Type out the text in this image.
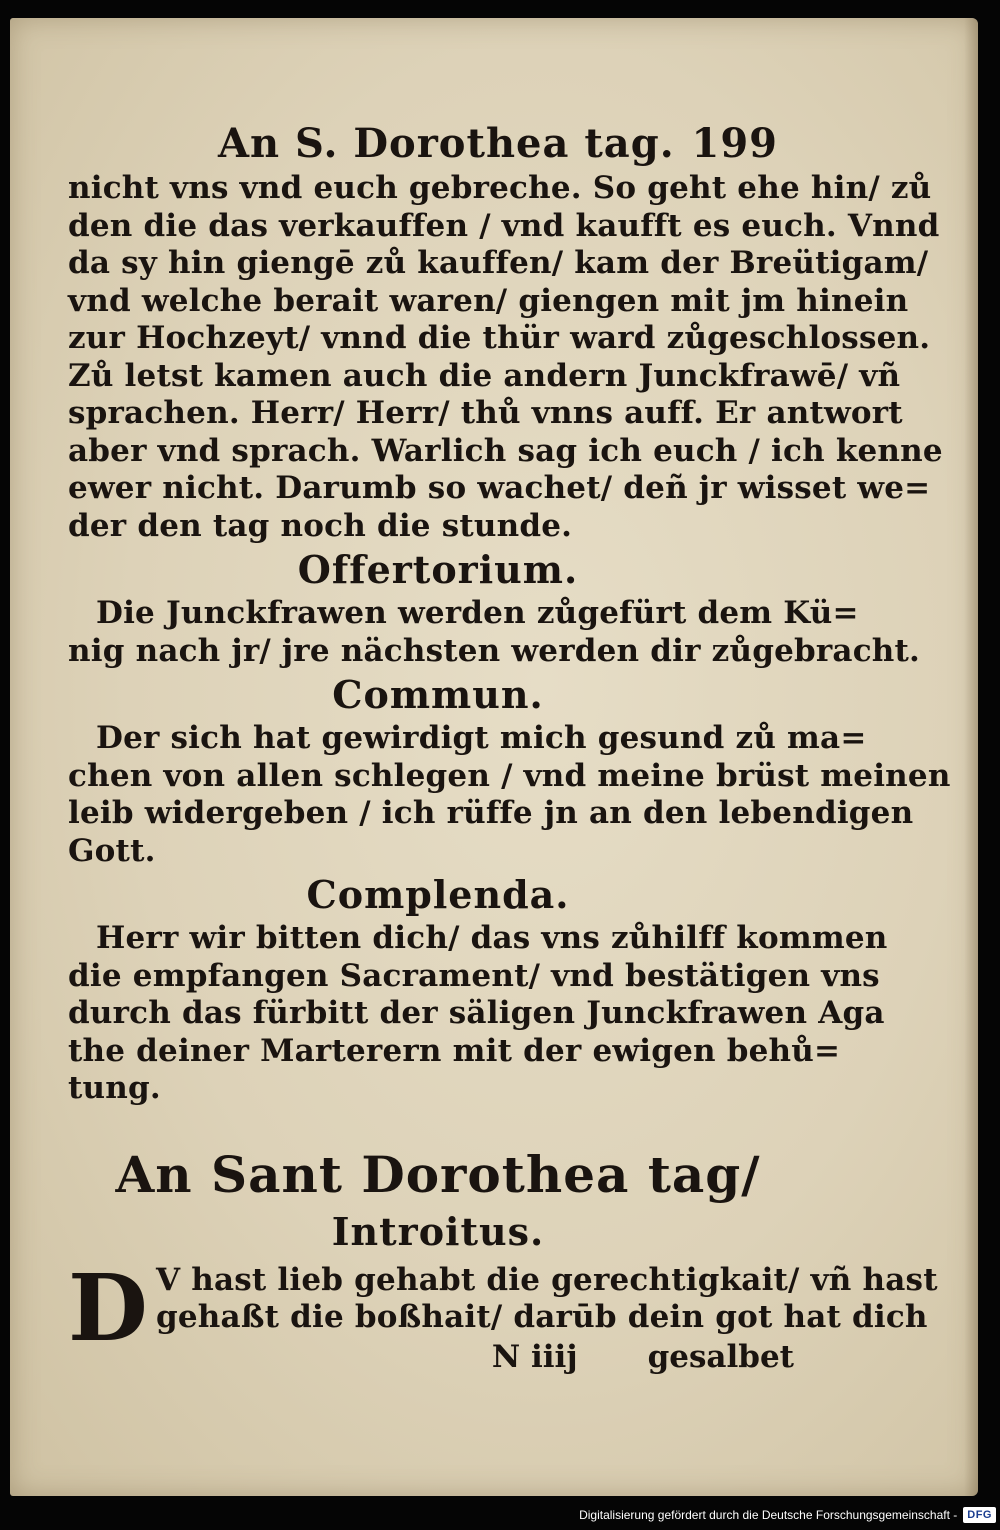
An S. Dorothea tag. 199
nicht vns vnd euch gebreche. So geht ehe hin/ zů
den die das verkauffen / vnd kaufft es euch. Vnnd
da sy hin giengē zů kauffen/ kam der Breütigam/
vnd welche berait waren/ giengen mit jm hinein
zur Hochzeyt/ vnnd die thür ward zůgeschlossen.
Zů letst kamen auch die andern Junckfrawē/ vñ
sprachen. Herr/ Herr/ thů vnns auff. Er antwort
aber vnd sprach. Warlich sag ich euch / ich kenne
ewer nicht. Darumb so wachet/ deñ jr wisset we=
der den tag noch die stunde.
Offertorium.
Die Junckfrawen werden zůgefürt dem Kü=
nig nach jr/ jre nächsten werden dir zůgebracht.
Commun.
Der sich hat gewirdigt mich gesund zů ma=
chen von allen schlegen / vnd meine brüst meinen
leib widergeben / ich rüffe jn an den lebendigen
Gott.
Complenda.
Herr wir bitten dich/ das vns zůhilff kommen
die empfangen Sacrament/ vnd bestätigen vns
durch das fürbitt der säligen Junckfrawen Aga
the deiner Marterern mit der ewigen behů=
tung.
An Sant Dorothea tag/
Introitus.
D V hast lieb gehabt die gerechtigkait/ vñ hast
gehaßt die boßhait/ darūb dein got hat dich
N iiij gesalbet
Digitalisierung gefördert durch die Deutsche Forschungsgemeinschaft - DFG
